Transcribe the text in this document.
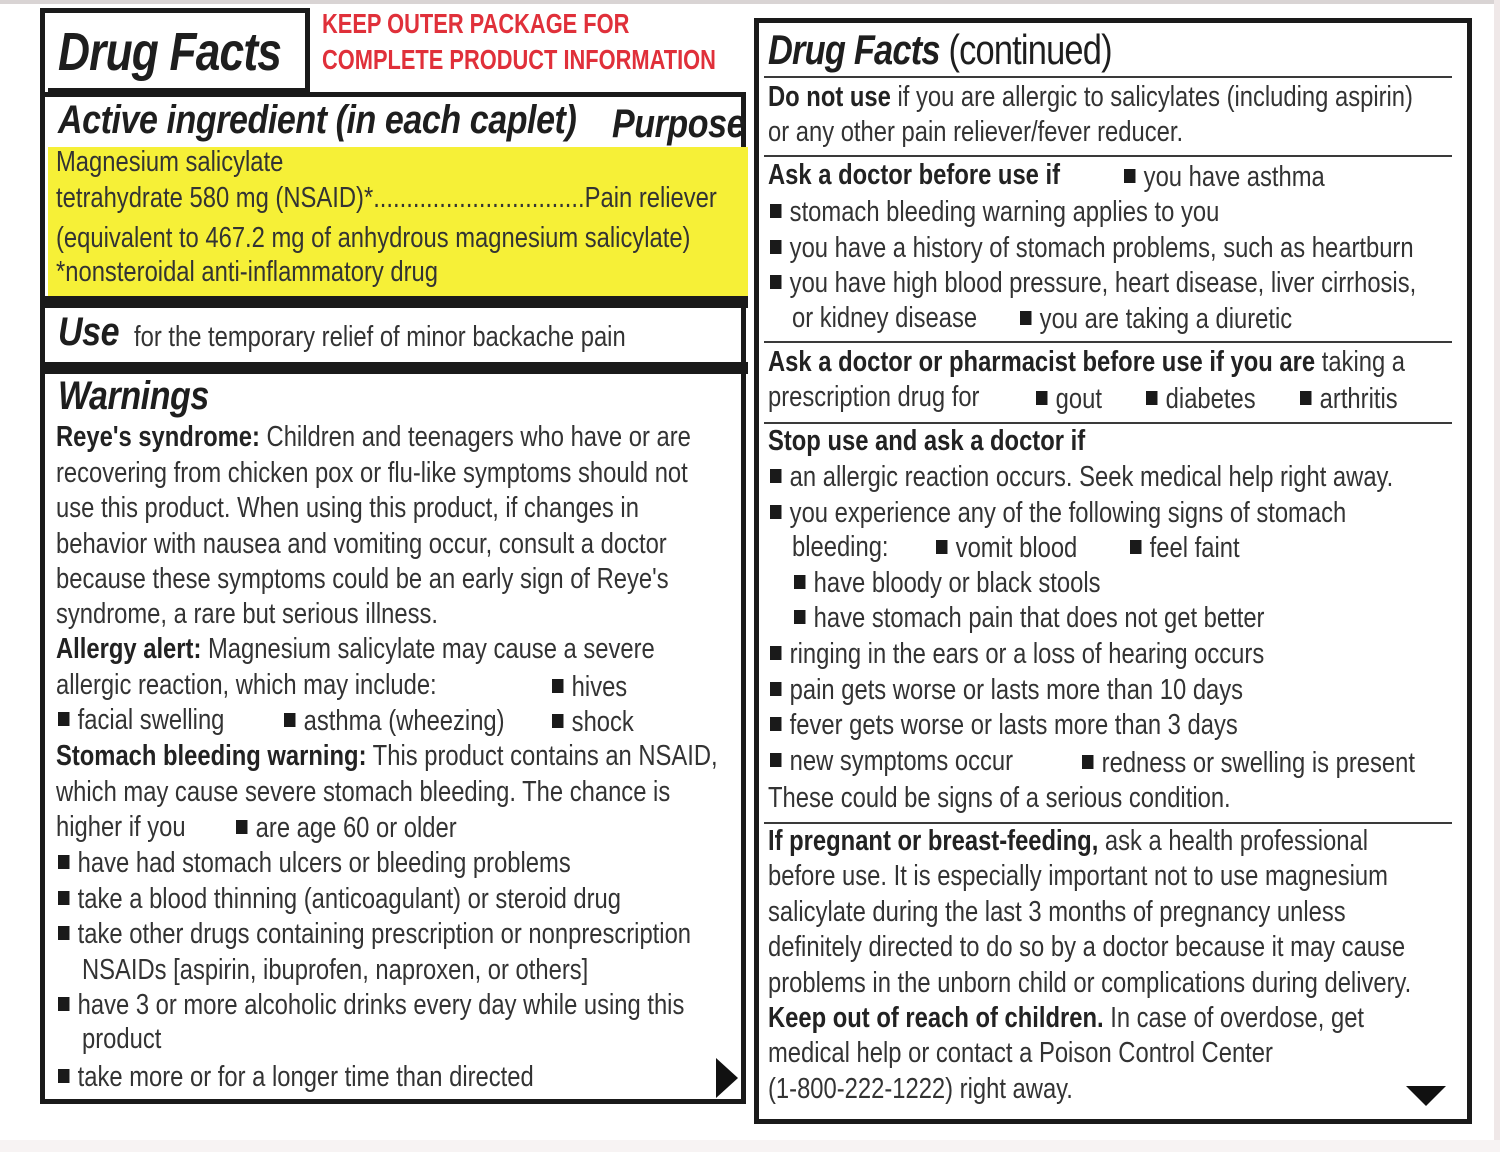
Drug Facts KEEP OUTER PACKAGE FOR
COMPLETE PRODUCT INFORMATION
Active ingredient (in each caplet) Purpose
Magnesium salicylate
tetrahydrate 580 mg (NSAID)*................................Pain reliever
(equivalent to 467.2 mg of anhydrous magnesium salicylate)
*nonsteroidal anti-inflammatory drug
Use for the temporary relief of minor backache pain
Warnings
Reye's syndrome: Children and teenagers who have or are
recovering from chicken pox or flu-like symptoms should not
use this product. When using this product, if changes in
behavior with nausea and vomiting occur, consult a doctor
because these symptoms could be an early sign of Reye's
syndrome, a rare but serious illness.
Allergy alert: Magnesium salicylate may cause a severe
allergic reaction, which may include:	hives
facial swelling	asthma (wheezing)	shock
Stomach bleeding warning: This product contains an NSAID,
which may cause severe stomach bleeding. The chance is
higher if you	are age 60 or older
have had stomach ulcers or bleeding problems
take a blood thinning (anticoagulant) or steroid drug
take other drugs containing prescription or nonprescription
NSAIDs [aspirin, ibuprofen, naproxen, or others]
have 3 or more alcoholic drinks every day while using this
product
take more or for a longer time than directed
Drug Facts (continued)
Do not use if you are allergic to salicylates (including aspirin)
or any other pain reliever/fever reducer.
Ask a doctor before use if	you have asthma
stomach bleeding warning applies to you
you have a history of stomach problems, such as heartburn
you have high blood pressure, heart disease, liver cirrhosis,
or kidney disease	you are taking a diuretic
Ask a doctor or pharmacist before use if you are taking a
prescription drug for	gout	diabetes	arthritis
Stop use and ask a doctor if
an allergic reaction occurs. Seek medical help right away.
you experience any of the following signs of stomach
bleeding:	vomit blood	feel faint
have bloody or black stools
have stomach pain that does not get better
ringing in the ears or a loss of hearing occurs
pain gets worse or lasts more than 10 days
fever gets worse or lasts more than 3 days
new symptoms occur	redness or swelling is present
These could be signs of a serious condition.
If pregnant or breast-feeding, ask a health professional
before use. It is especially important not to use magnesium
salicylate during the last 3 months of pregnancy unless
definitely directed to do so by a doctor because it may cause
problems in the unborn child or complications during delivery.
Keep out of reach of children. In case of overdose, get
medical help or contact a Poison Control Center
(1-800-222-1222) right away.
